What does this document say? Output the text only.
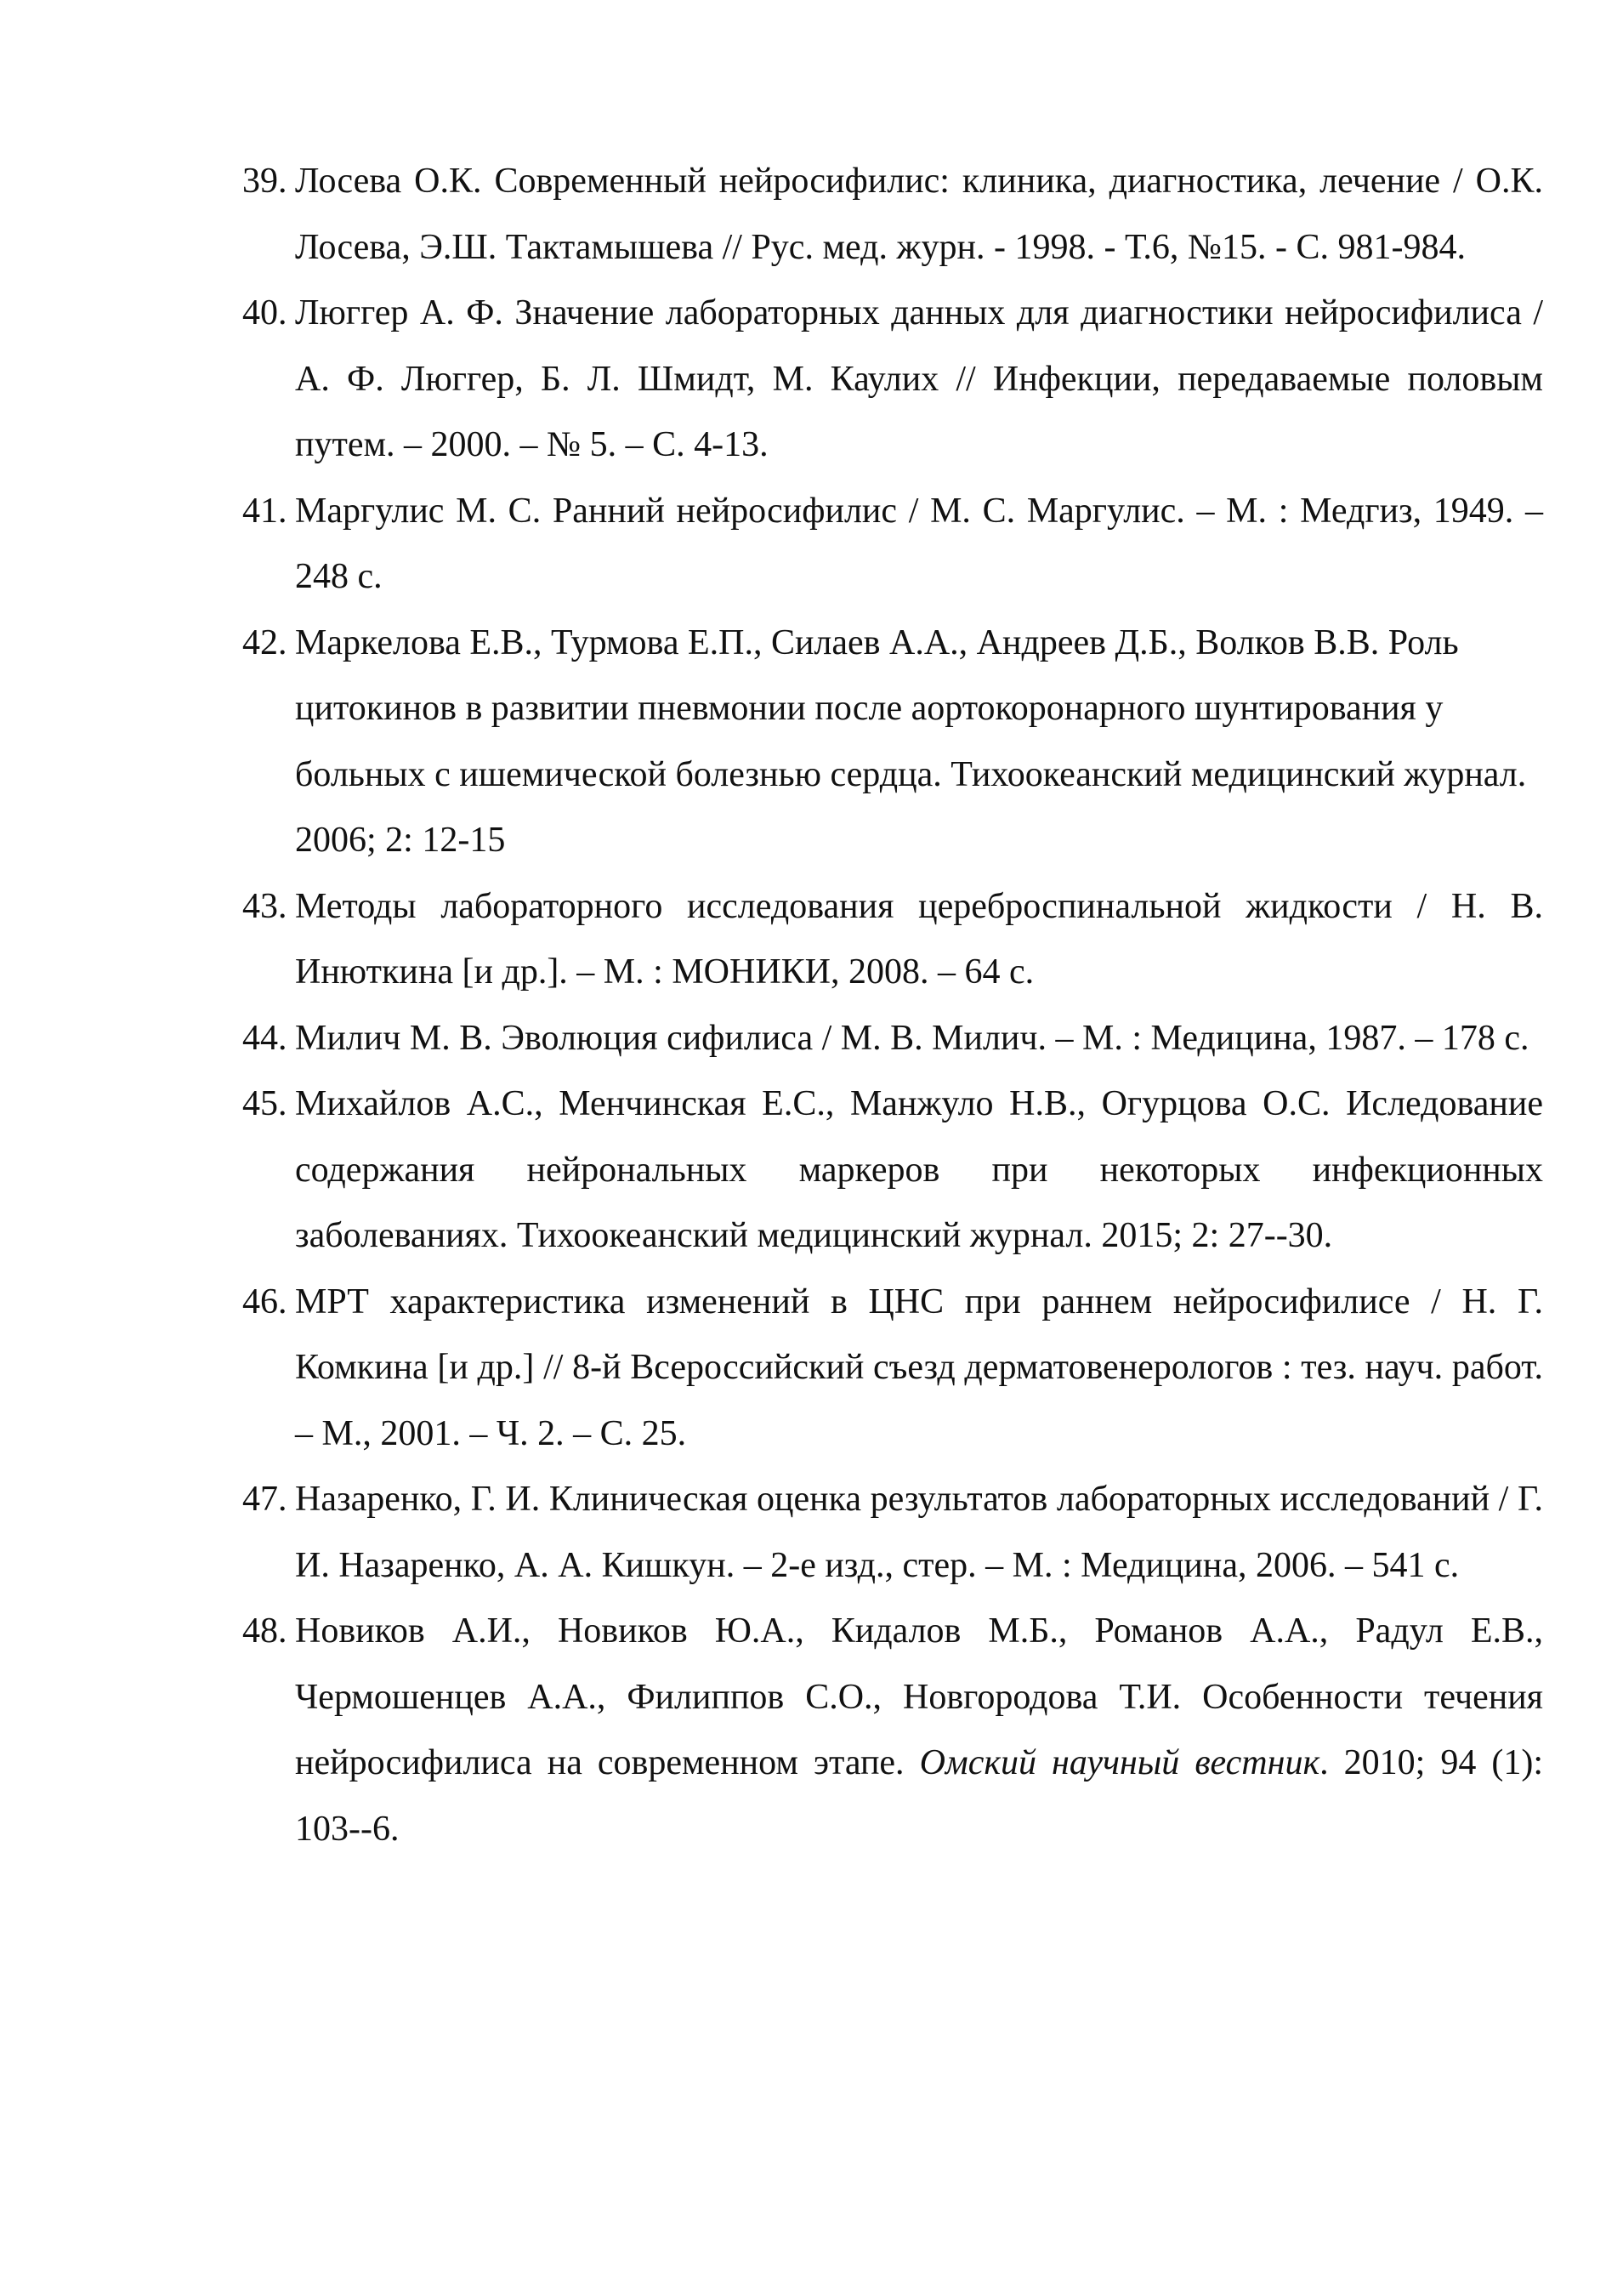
39. Лосева О.К. Современный нейросифилис: клиника, диагностика, лечение / О.К. Лосева, Э.Ш. Тактамышева // Рус. мед. журн. - 1998. - Т.6, №15. - С. 981-984.
40. Люггер А. Ф. Значение лабораторных данных для диагностики нейросифилиса / А. Ф. Люггер, Б. Л. Шмидт, М. Каулих // Инфекции, передаваемые половым путем. – 2000. – № 5. – С. 4-13.
41. Маргулис М. С. Ранний нейросифилис / М. С. Маргулис. – М. : Медгиз, 1949. – 248 с.
42. Маркелова Е.В., Турмова Е.П., Силаев А.А., Андреев Д.Б., Волков В.В. Роль цитокинов в развитии пневмонии после аортокоронарного шунтирования у больных с ишемической болезнью сердца. Тихоокеанский медицинский журнал. 2006; 2: 12-15
43. Методы лабораторного исследования цереброспинальной жидкости / Н. В. Инюткина [и др.]. – М. : МОНИКИ, 2008. – 64 с.
44. Милич М. В. Эволюция сифилиса / М. В. Милич. – М. : Медицина, 1987. – 178 с.
45. Михайлов А.С., Менчинская Е.С., Манжуло Н.В., Огурцова О.С. Иследование содержания нейрональных маркеров при некоторых инфекционных заболеваниях. Тихоокеанский медицинский журнал. 2015; 2: 27--30.
46. МРТ характеристика изменений в ЦНС при раннем нейросифилисе / Н. Г. Комкина [и др.] // 8-й Всероссийский съезд дерматовенерологов : тез. науч. работ. – М., 2001. – Ч. 2. – С. 25.
47. Назаренко, Г. И. Клиническая оценка результатов лабораторных исследований / Г. И. Назаренко, А. А. Кишкун. – 2-е изд., стер. – М. : Медицина, 2006. – 541 с.
48. Новиков А.И., Новиков Ю.А., Кидалов М.Б., Романов А.А., Радул Е.В., Чермошенцев А.А., Филиппов С.О., Новгородова Т.И. Особенности течения нейросифилиса на современном этапе. Омский научный вестник. 2010; 94 (1): 103--6.
